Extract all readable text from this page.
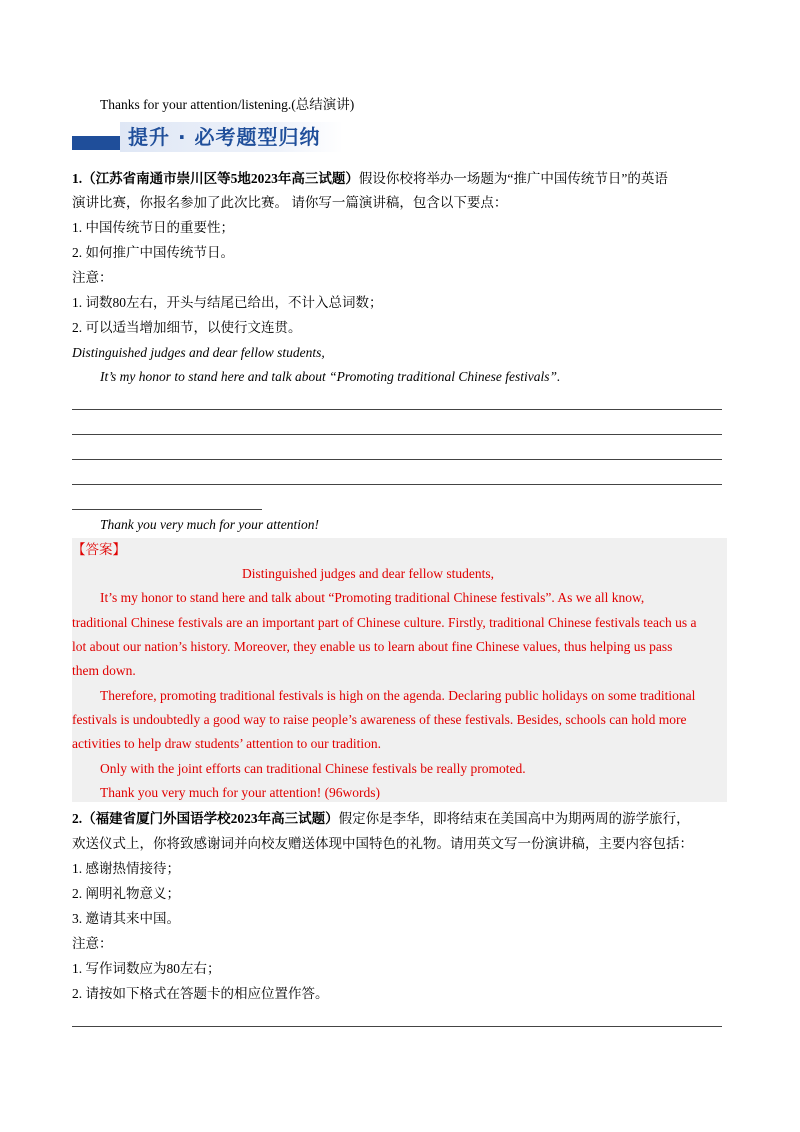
Thanks for your attention/listening.(总结演讲)
提升 · 必考题型归纳
1.（江苏省南通市崇川区等5地2023年高三试题）假设你校将举办一场题为“推广中国传统节日”的英语
演讲比赛，你报名参加了此次比赛。 请你写一篇演讲稿，包含以下要点：
1. 中国传统节日的重要性；
2. 如何推广中国传统节日。
注意：
1. 词数80左右，开头与结尾已给出，不计入总词数；
2. 可以适当增加细节，以使行文连贯。
Distinguished judges and dear fellow students,
It’s my honor to stand here and talk about “Promoting traditional Chinese festivals”.
Thank you very much for your attention!
【答案】
Distinguished judges and dear fellow students,
It’s my honor to stand here and talk about “Promoting traditional Chinese festivals”. As we all know,
traditional Chinese festivals are an important part of Chinese culture. Firstly, traditional Chinese festivals teach us a
lot about our nation’s history. Moreover, they enable us to learn about fine Chinese values, thus helping us pass
them down.
Therefore, promoting traditional festivals is high on the agenda. Declaring public holidays on some traditional
festivals is undoubtedly a good way to raise people’s awareness of these festivals. Besides, schools can hold more
activities to help draw students’ attention to our tradition.
Only with the joint efforts can traditional Chinese festivals be really promoted.
Thank you very much for your attention! (96words)
2.（福建省厦门外国语学校2023年高三试题）假定你是李华，即将结束在美国高中为期两周的游学旅行，
欢送仪式上，你将致感谢词并向校友赠送体现中国特色的礼物。请用英文写一份演讲稿，主要内容包括：
1. 感谢热情接待；
2. 阐明礼物意义；
3. 邀请其来中国。
注意：
1. 写作词数应为80左右；
2. 请按如下格式在答题卡的相应位置作答。
